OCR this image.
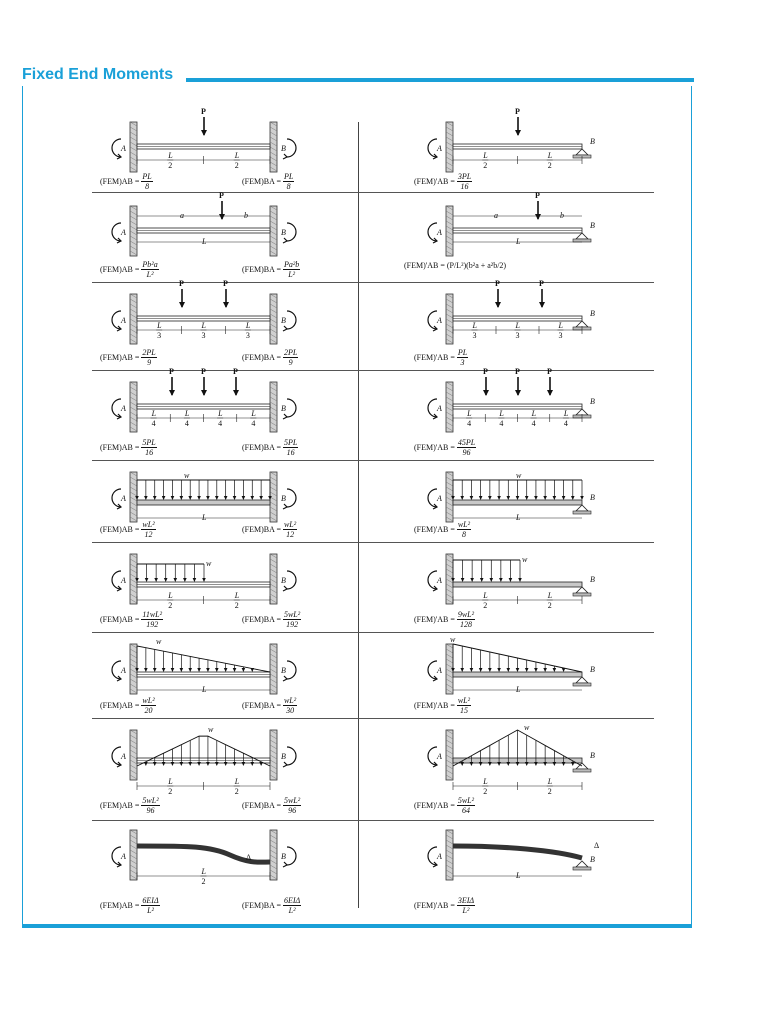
Fixed End Moments
A	B
P
L
2
L
2
$(FEM)AB = \frac{PL}{8}$	$(FEM)BA = \frac{PL}{8}$
A
B
P
L
2
L
2
$(FEM)'AB = \frac{3PL}{16}$
A	B
P
a	b
L
$(FEM)AB = \frac{\text{Pb²a}}{\text{L²}}$	$(FEM)BA = \frac{\text{Pa²b}}{\text{L²}}$
A
B
P
a	b
L
(FEM)'AB = (P/L²)(b²a + a²b/2)
A	B
P	P
L
3
L
3
L
3
$(FEM)AB = \frac{2PL}{9}$	$(FEM)BA = \frac{2PL}{9}$
A
B
P	P
L
3
L
3
L
3
$(FEM)'AB = \frac{PL}{3}$
A	B
P	P	P
L
4
L
4
L
4
L
4
$(FEM)AB = \frac{5PL}{16}$	$(FEM)BA = \frac{5PL}{16}$
A
B
P	P	P
L
4
L
4
L
4
L
4
$(FEM)'AB = \frac{45PL}{96}$
A	B
w
L
$(FEM)AB = \frac{\text{wL²}}{12}$	$(FEM)BA = \frac{\text{wL²}}{12}$
A	B
w
L
$(FEM)'AB = \frac{\text{wL²}}{8}$
A	B
w
L
2
L
2
$(FEM)AB = \frac{\text{11wL²}}{192}$	$(FEM)BA = \frac{\text{5wL²}}{192}$
A	B
w
L
2
L
2
$(FEM)'AB = \frac{\text{9wL²}}{128}$
A	B
w
L
$(FEM)AB = \frac{\text{wL²}}{20}$	$(FEM)BA = \frac{\text{wL²}}{30}$
A	B
w
L
$(FEM)'AB = \frac{\text{wL²}}{15}$
A	B
w
L
2
L
2
$(FEM)AB = \frac{\text{5wL²}}{96}$	$(FEM)BA = \frac{\text{5wL²}}{96}$
A	B
w
L
2
L
2
$(FEM)'AB = \frac{\text{5wL²}}{64}$
A	B
Δ
L
2
$(FEM)AB = \frac{\text{6EIΔ}}{\text{L²}}$	$(FEM)BA = \frac{\text{6EIΔ}}{\text{L²}}$
A
Δ
B
L
$(FEM)'AB = \frac{\text{3EIΔ}}{\text{L²}}$
